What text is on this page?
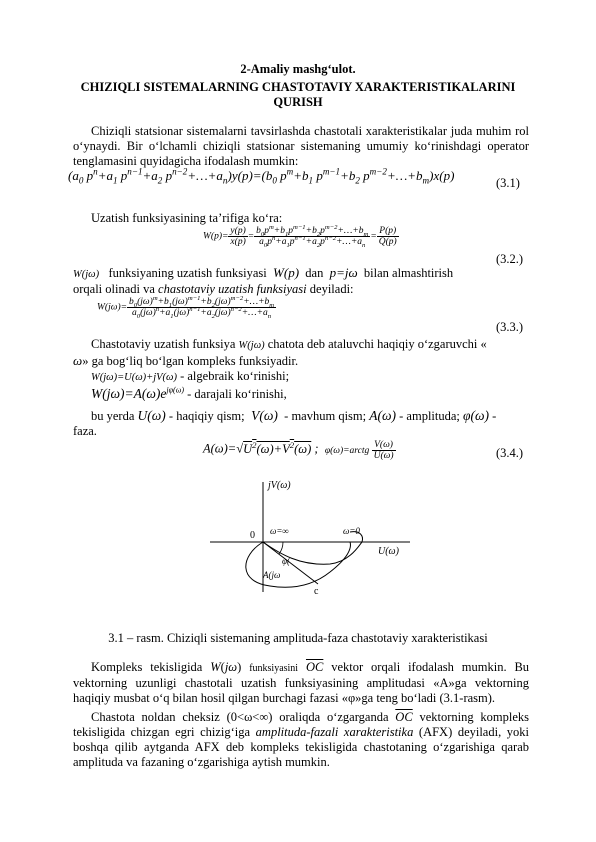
2-Amaliy mashg‘ulot.
CHIZIQLI SISTEMALARNING CHASTOTAVIY XARAKTERISTIKALARINI
QURISH
Chiziqli statsionar sistemalarni tavsirlashda chastotali xarakteristikalar juda muhim rol o‘ynaydi. Bir o‘lchamli chiziqli statsionar sistemaning umumiy ko‘rinishdagi operator tenglamasini quyidagicha ifodalash mumkin:
($a_0$ $p^n+a_1$ $p^{n-1}+a_2$ $p^{n-2}+\dots+a_n)y(p)=(b_0$ $p^m+b_1$ $p^{m-1}+b_2$ $p^{m-2}+\dots+b_m)x(p)$	(3.1)
Uzatish funksiyasining ta’rifiga ko‘ra:
$W(p)= \frac{y(p)}{x(p)} = \frac{b_0p^m+b_1p^{m-1}+b_2p^{m-2}+\dots+b_m}{a_0p^n+a_1p^{n-1}+a_2p^{n-2}+\dots+a_n} = \frac{P(p)}{Q(p)}$
(3.2.)
W(jω) funksiyaning uzatish funksiyasi W(p) dan p=jω bilan almashtirish
orqali olinadi va chastotaviy uzatish funksiyasi deyiladi:
$W(j\omega)= \frac{b_0(j\omega)^m+b_1(j\omega)^{m-1}+b_2(j\omega)^{m-2}+\dots+b_m}{a_0(j\omega)^n+a_1(j\omega)^{n-1}+a_2(j\omega)^{n-2}+\dots+a_n}$
(3.3.)
Chastotaviy uzatish funksiya W(jω) chatota deb ataluvchi haqiqiy o‘zgaruvchi «
ω» ga bog‘liq bo‘lgan kompleks funksiyadir.
W(jω)=U(ω)+jV(ω) - algebraik ko‘rinishi;
$W(j\omega)=A(\omega)e^{j\varphi(\omega)}$ - darajali ko‘rinishi,
bu yerda U(ω) - haqiqiy qism;  V(ω) - mavhum qism; A(ω) - amplituda; φ(ω) -
faza.
$A(\omega)=√U^2(\omega)+V^2(\omega)$ ;  φ(ω)=arctg $\frac{V(\omega)}{U(\omega)}$	(3.4.)
jV(ω)
U(ω)
0 ω=∞	ω=0
φ(
A(jω
c
3.1 – rasm. Chiziqli sistemaning amplituda-faza chastotaviy xarakteristikasi
Kompleks tekisligida W(jω) funksiyasini $\overline{OC}$ vektor orqali ifodalash mumkin. Bu vektorning uzunligi chastotali uzatish funksiyasining amplitudasi «A»ga vektorning haqiqiy musbat o‘q bilan hosil qilgan burchagi fazasi «φ»ga teng bo‘ladi (3.1-rasm).
Chastota noldan cheksiz (0<ω<∞) oraliqda o‘zgarganda $\overline{OC}$ vektorning kompleks tekisligida chizgan egri chizig‘iga amplituda-fazali xarakteristika (AFX) deyiladi, yoki boshqa qilib aytganda AFX deb kompleks tekisligida chastotaning o‘zgarishiga qarab amplituda va fazaning o‘zgarishiga aytish mumkin.
